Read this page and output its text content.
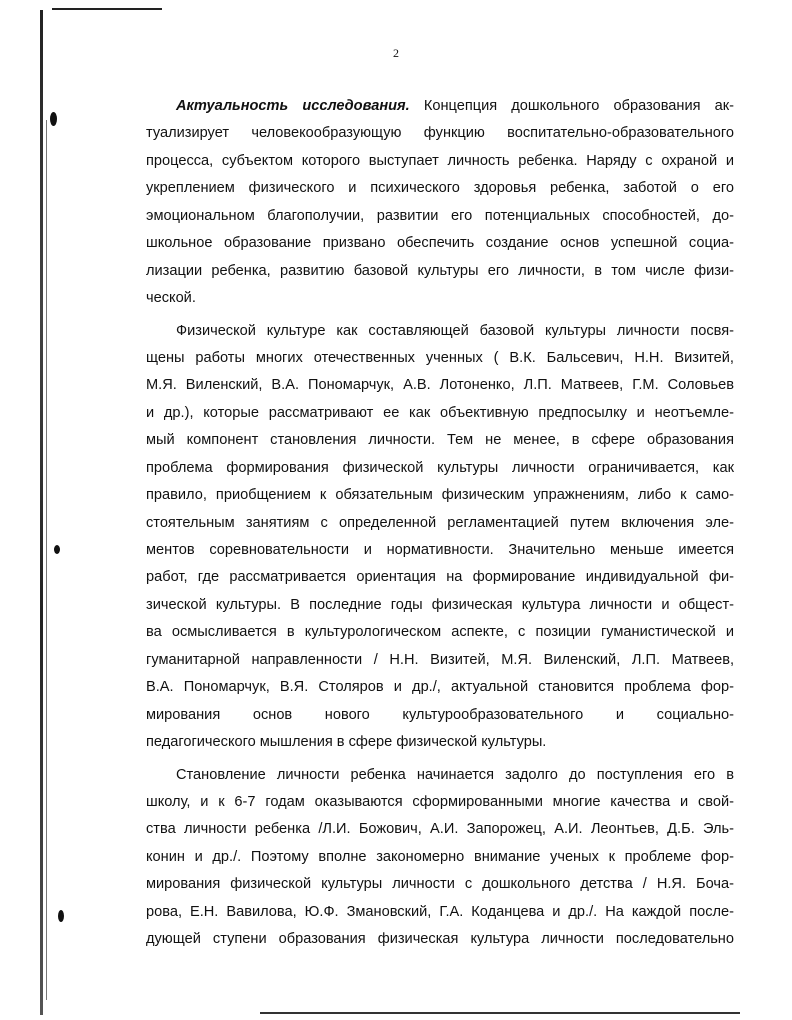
2
Актуальность исследования. Концепция дошкольного образования ак-
туализирует человекообразующую функцию воспитательно-образовательного
процесса, субъектом которого выступает личность ребенка. Наряду с охраной и
укреплением физического и психического здоровья ребенка, заботой о его
эмоциональном благополучии, развитии его потенциальных способностей, до-
школьное образование призвано обеспечить создание основ успешной социа-
лизации ребенка, развитию базовой культуры его личности, в том числе физи-
ческой.
Физической культуре как составляющей базовой культуры личности посвя-
щены работы многих отечественных ученных ( В.К. Бальсевич, Н.Н. Визитей,
М.Я. Виленский, В.А. Пономарчук, А.В. Лотоненко, Л.П. Матвеев, Г.М. Соловьев
и др.), которые рассматривают ее как объективную предпосылку и неотъемле-
мый компонент становления личности. Тем не менее, в сфере образования
проблема формирования физической культуры личности ограничивается, как
правило, приобщением к обязательным физическим упражнениям, либо к само-
стоятельным занятиям с определенной регламентацией путем включения эле-
ментов соревновательности и нормативности. Значительно меньше имеется
работ, где рассматривается ориентация на формирование индивидуальной фи-
зической культуры. В последние годы физическая культура личности и общест-
ва осмысливается в культурологическом аспекте, с позиции гуманистической и
гуманитарной направленности / Н.Н. Визитей, М.Я. Виленский, Л.П. Матвеев,
В.А. Пономарчук, В.Я. Столяров и др./, актуальной становится проблема фор-
мирования основ нового культурообразовательного и социально-
педагогического мышления в сфере физической культуры.
Становление личности ребенка начинается задолго до поступления его в
школу, и к 6-7 годам оказываются сформированными многие качества и свой-
ства личности ребенка /Л.И. Божович, А.И. Запорожец, А.И. Леонтьев, Д.Б. Эль-
конин и др./. Поэтому вполне закономерно внимание ученых к проблеме фор-
мирования физической культуры личности с дошкольного детства / Н.Я. Боча-
рова, Е.Н. Вавилова, Ю.Ф. Змановский, Г.А. Коданцева и др./. На каждой после-
дующей ступени образования физическая культура личности последовательно
